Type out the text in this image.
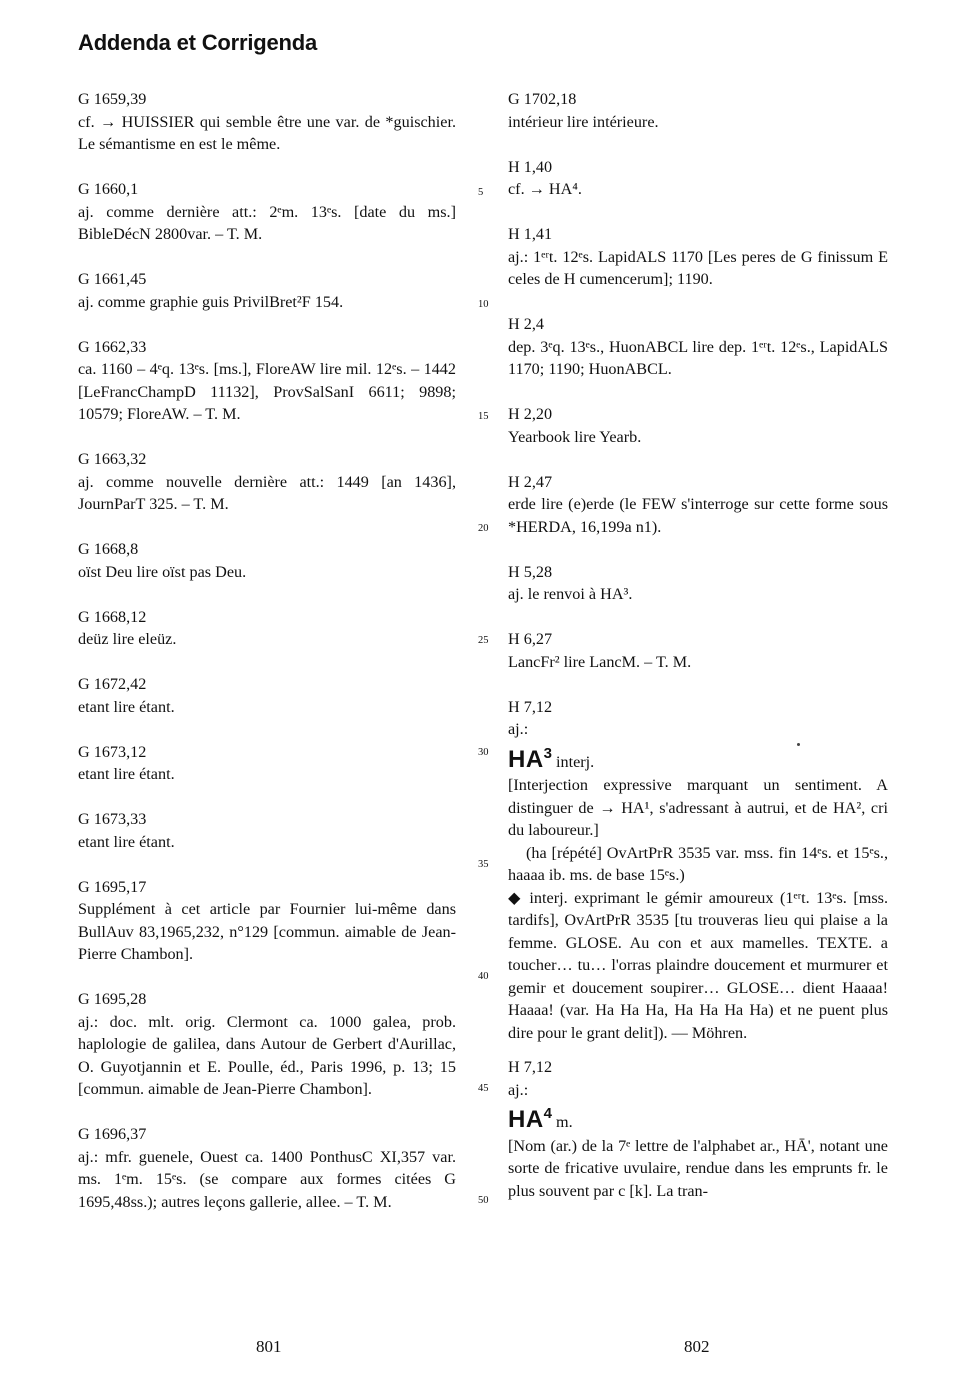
Addenda et Corrigenda
G 1659,39
cf. → HUISSIER qui semble être une var. de *guischier. Le sémantisme en est le même.
G 1660,1
aj. comme dernière att.: 2ᵉm. 13ᵉs. [date du ms.] BibleDécN 2800var. – T. M.
G 1661,45
aj. comme graphie guis PrivilBret²F 154.
G 1662,33
ca. 1160 – 4ᵉq. 13ᵉs. [ms.], FloreAW lire mil. 12ᵉs. – 1442 [LeFrancChampD 11132], ProvSalSanI 6611; 9898; 10579; FloreAW. – T. M.
G 1663,32
aj. comme nouvelle dernière att.: 1449 [an 1436], JournParT 325. – T. M.
G 1668,8
oïst Deu lire oïst pas Deu.
G 1668,12
deüz lire eleüz.
G 1672,42
etant lire étant.
G 1673,12
etant lire étant.
G 1673,33
etant lire étant.
G 1695,17
Supplément à cet article par Fournier lui-même dans BullAuv 83,1965,232, n°129 [commun. aimable de Jean-Pierre Chambon].
G 1695,28
aj.: doc. mlt. orig. Clermont ca. 1000 galea, prob. haplologie de galilea, dans Autour de Gerbert d'Aurillac, O. Guyotjannin et E. Poulle, éd., Paris 1996, p. 13; 15 [commun. aimable de Jean-Pierre Chambon].
G 1696,37
aj.: mfr. guenele, Ouest ca. 1400 PonthusC XI,357 var. ms. 1ᵉm. 15ᵉs. (se compare aux formes citées G 1695,48ss.); autres leçons gallerie, allee. – T. M.
5
10
15
20
25
30
35
40
45
50
G 1702,18
intérieur lire intérieure.
H 1,40
cf. → HA⁴.
H 1,41
aj.: 1ᵉʳt. 12ᵉs. LapidALS 1170 [Les peres de G finissum E celes de H cumencerum]; 1190.
H 2,4
dep. 3ᵉq. 13ᵉs., HuonABCL lire dep. 1ᵉʳt. 12ᵉs., LapidALS 1170; 1190; HuonABCL.
H 2,20
Yearbook lire Yearb.
H 2,47
erde lire (e)erde (le FEW s'interroge sur cette forme sous *HERDA, 16,199a n1).
H 5,28
aj. le renvoi à HA³.
H 6,27
LancFr² lire LancM. – T. M.
H 7,12
aj.:
HA3 interj.
[Interjection expressive marquant un sentiment. A distinguer de → HA¹, s'adressant à autrui, et de HA², cri du laboureur.]
(ha [répété] OvArtPrR 3535 var. mss. fin 14ᵉs. et 15ᵉs., haaaa ib. ms. de base 15ᵉs.)
◆ interj. exprimant le gémir amoureux (1ᵉʳt. 13ᵉs. [mss. tardifs], OvArtPrR 3535 [tu trouveras lieu qui plaise a la femme. GLOSE. Au con et aux mamelles. TEXTE. a toucher… tu… l'orras plaindre doucement et murmurer et gemir et doucement soupirer… GLOSE… dient Haaaa! Haaaa! (var. Ha Ha Ha, Ha Ha Ha Ha) et ne puent plus dire pour le grant delit]). — Möhren.
H 7,12
aj.:
HA4 m.
[Nom (ar.) de la 7ᵉ lettre de l'alphabet ar., HĀ', notant une sorte de fricative uvulaire, rendue dans les emprunts fr. le plus souvent par c [k]. La tran-
801	802
